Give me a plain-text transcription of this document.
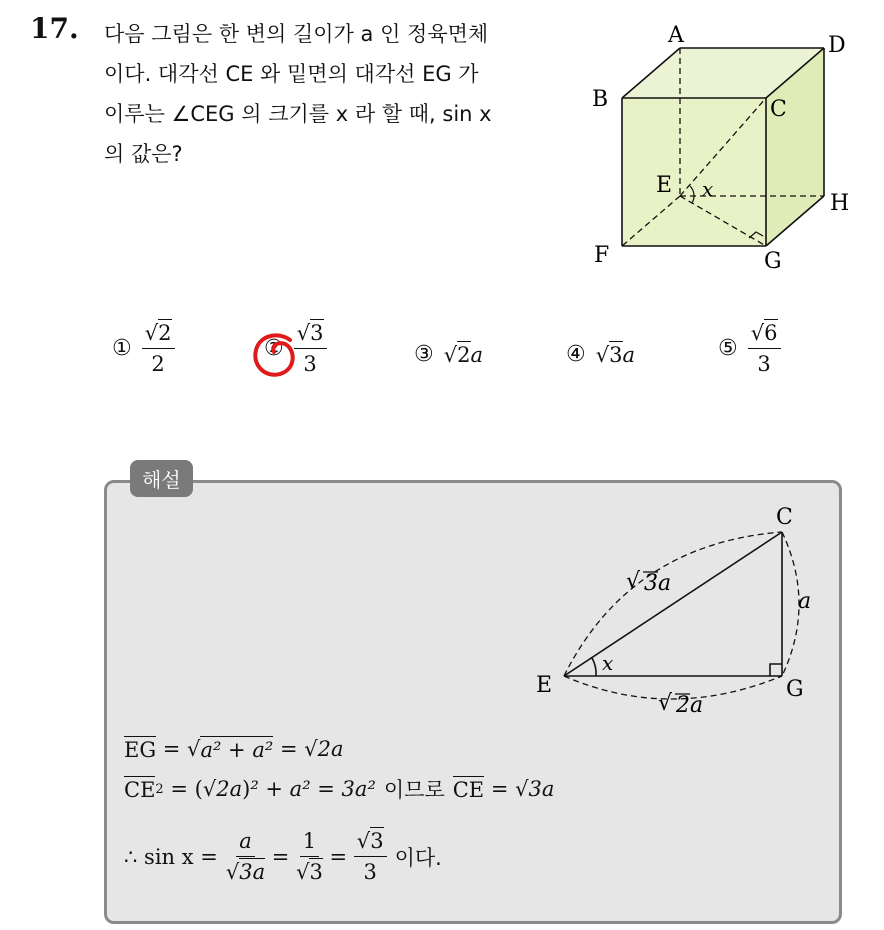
17. 다음 그림은 한 변의 길이가 a 인 정육면체
이다. 대각선 CE 와 밑면의 대각선 EG 가
이루는 ∠CEG 의 크기를 x 라 할 때, sin x
의 값은?
B
A
C
D
E x
H
F	G
① $\frac{√2}{2}$	② $\frac{√3}{3}$	③ √2a	④ √3a	⑤ $\frac{√6}{3}$
해설
C
E	G
x
√ 3a
a
√ 2a
EG = √ a² + a² = √ 2a
CE 2 = (√ 2a ) ² + a² = 3a² 이므로 CE = √ 3a
∴ $\sin x = \frac{a}{√3a} = \frac{1}{√3} = \frac{√3}{3}$ 이다.
